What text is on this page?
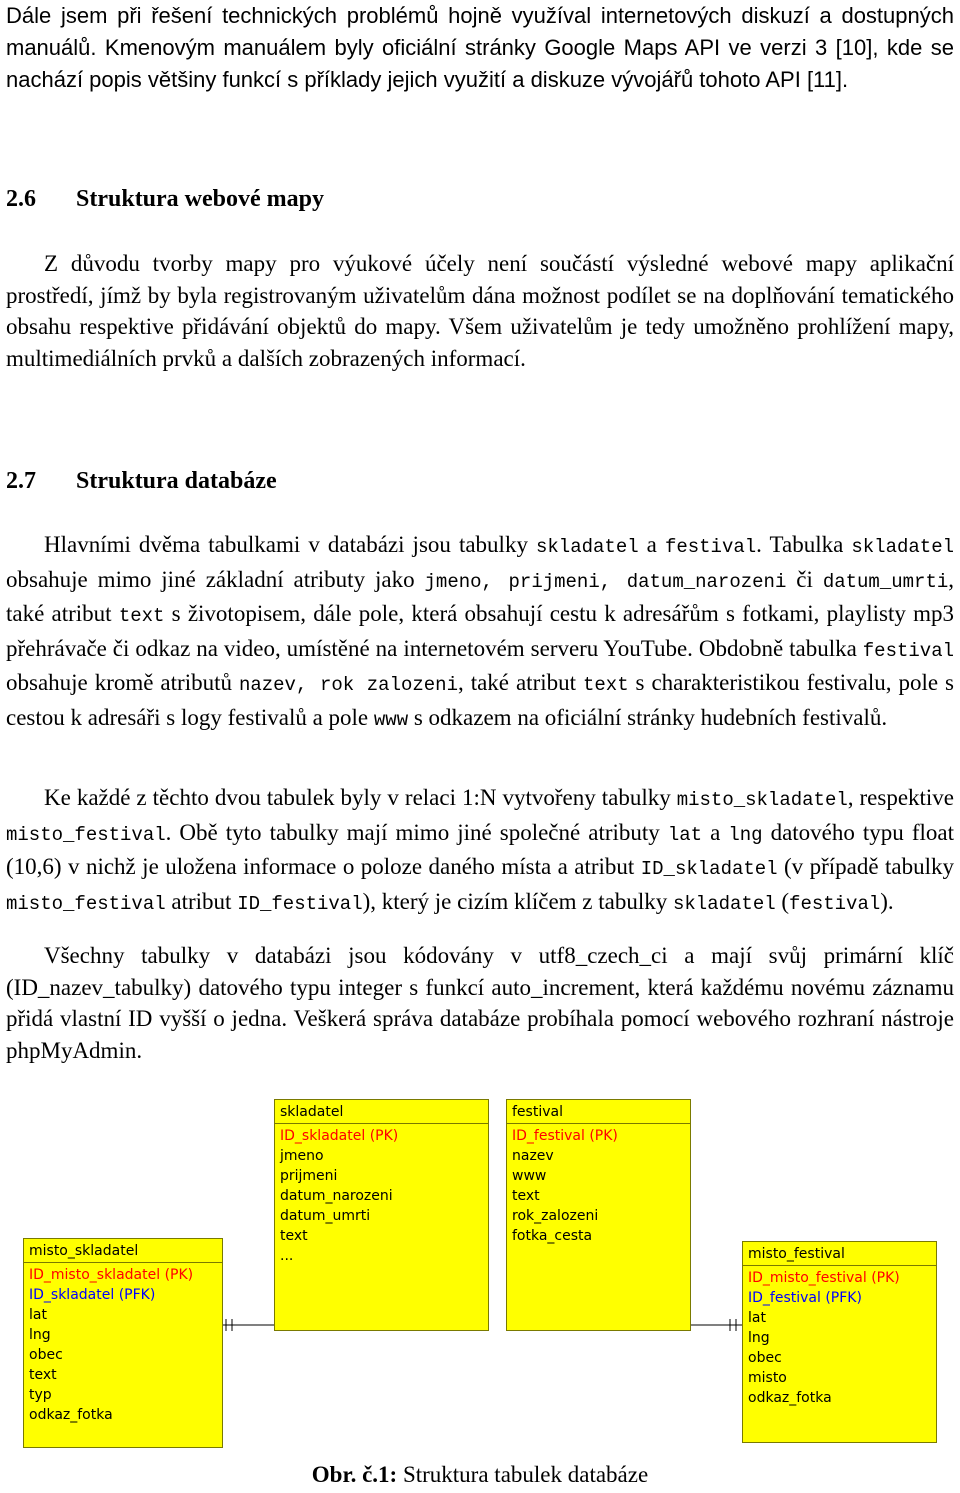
Dále jsem při řešení technických problémů hojně využíval internetových diskuzí a dostupných manuálů. Kmenovým manuálem byly oficiální stránky Google Maps API ve verzi 3 [10], kde se nachází popis většiny funkcí s příklady jejich využití a diskuze vývojářů tohoto API [11].

2.6 Struktura webové mapy

Z důvodu tvorby mapy pro výukové účely není součástí výsledné webové mapy aplikační prostředí, jímž by byla registrovaným uživatelům dána možnost podílet se na doplňování tematického obsahu respektive přidávání objektů do mapy. Všem uživatelům je tedy umožněno prohlížení mapy, multimediálních prvků a dalších zobrazených informací.

2.7 Struktura databáze

Hlavními dvěma tabulkami v databázi jsou tabulky skladatel a festival. Tabulka skladatel obsahuje mimo jiné základní atributy jako jmeno, prijmeni, datum_narozeni či datum_umrti, také atribut text s životopisem, dále pole, která obsahují cestu k adresářům s fotkami, playlisty mp3 přehrávače či odkaz na video, umístěné na internetovém serveru YouTube. Obdobně tabulka festival obsahuje kromě atributů nazev, rok zalozeni, také atribut text s charakteristikou festivalu, pole s cestou k adresáři s logy festivalů a pole www s odkazem na oficiální stránky hudebních festivalů.

Ke každé z těchto dvou tabulek byly v relaci 1:N vytvořeny tabulky misto_skladatel, respektive misto_festival. Obě tyto tabulky mají mimo jiné společné atributy lat a lng datového typu float (10,6) v nichž je uložena informace o poloze daného místa a atribut ID_skladatel (v případě tabulky misto_festival atribut ID_festival), který je cizím klíčem z tabulky skladatel (festival).

Všechny tabulky v databázi jsou kódovány v utf8_czech_ci a mají svůj primární klíč (ID_nazev_tabulky) datového typu integer s funkcí auto_increment, která každému novému záznamu přidá vlastní ID vyšší o jedna. Veškerá správa databáze probíhala pomocí webového rozhraní nástroje phpMyAdmin.

skladatel
ID_skladatel (PK)
jmeno
prijmeni
datum_narozeni
datum_umrti
text
...
festival
ID_festival (PK)
nazev
www
text
rok_zalozeni
fotka_cesta
misto_skladatel
ID_misto_skladatel (PK)
ID_skladatel (PFK)
lat
lng
obec
text
typ
odkaz_fotka
misto_festival
ID_misto_festival (PK)
ID_festival (PFK)
lat
lng
obec
misto
odkaz_fotka
Obr. č.1: Struktura tabulek databáze
